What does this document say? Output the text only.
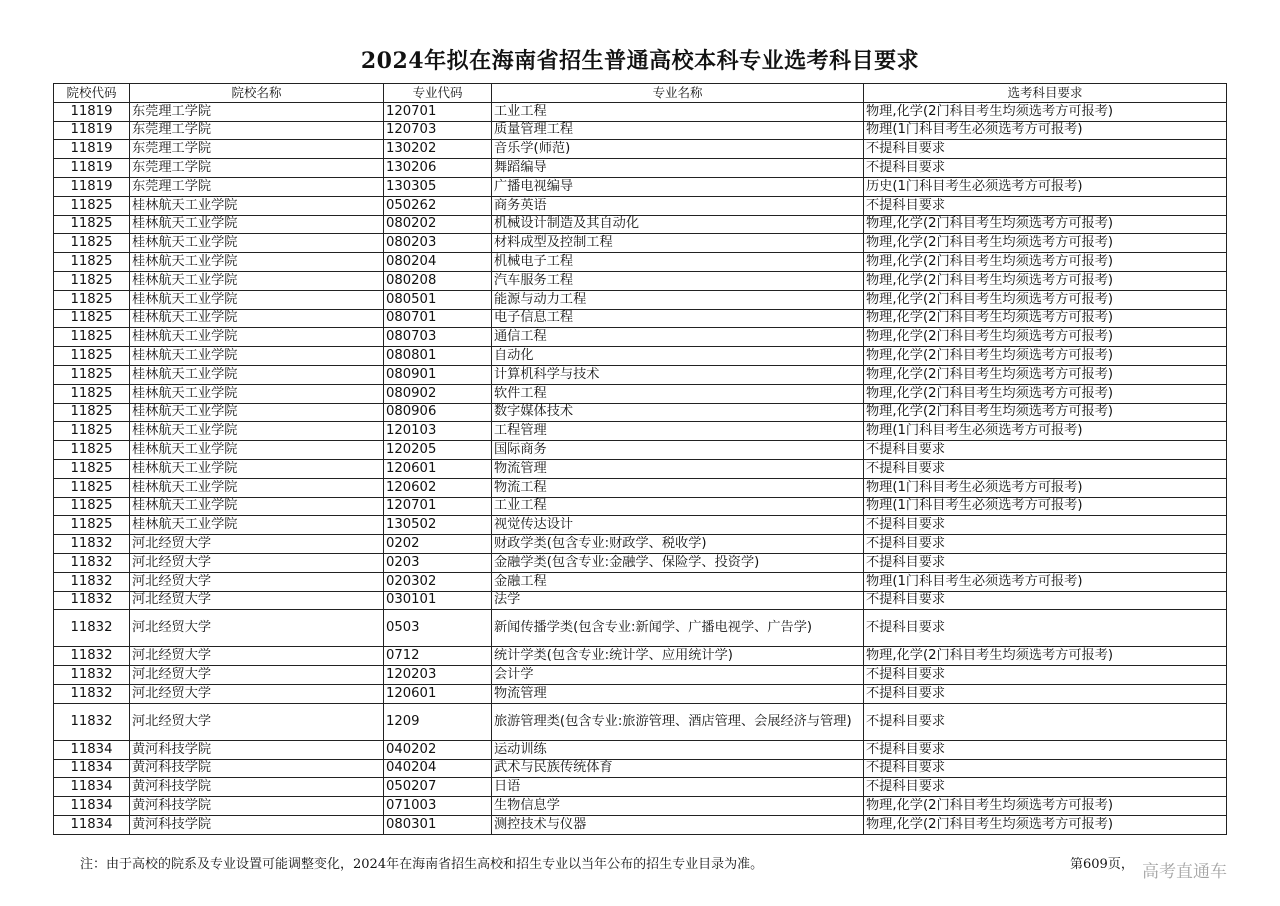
2024年拟在海南省招生普通高校本科专业选考科目要求
院校代码	院校名称	专业代码	专业名称	选考科目要求
11819	东莞理工学院	120701	工业工程	物理,化学(2门科目考生均须选考方可报考)
11819	东莞理工学院	120703	质量管理工程	物理(1门科目考生必须选考方可报考)
11819	东莞理工学院	130202	音乐学(师范)	不提科目要求
11819	东莞理工学院	130206	舞蹈编导	不提科目要求
11819	东莞理工学院	130305	广播电视编导	历史(1门科目考生必须选考方可报考)
11825	桂林航天工业学院	050262	商务英语	不提科目要求
11825	桂林航天工业学院	080202	机械设计制造及其自动化	物理,化学(2门科目考生均须选考方可报考)
11825	桂林航天工业学院	080203	材料成型及控制工程	物理,化学(2门科目考生均须选考方可报考)
11825	桂林航天工业学院	080204	机械电子工程	物理,化学(2门科目考生均须选考方可报考)
11825	桂林航天工业学院	080208	汽车服务工程	物理,化学(2门科目考生均须选考方可报考)
11825	桂林航天工业学院	080501	能源与动力工程	物理,化学(2门科目考生均须选考方可报考)
11825	桂林航天工业学院	080701	电子信息工程	物理,化学(2门科目考生均须选考方可报考)
11825	桂林航天工业学院	080703	通信工程	物理,化学(2门科目考生均须选考方可报考)
11825	桂林航天工业学院	080801	自动化	物理,化学(2门科目考生均须选考方可报考)
11825	桂林航天工业学院	080901	计算机科学与技术	物理,化学(2门科目考生均须选考方可报考)
11825	桂林航天工业学院	080902	软件工程	物理,化学(2门科目考生均须选考方可报考)
11825	桂林航天工业学院	080906	数字媒体技术	物理,化学(2门科目考生均须选考方可报考)
11825	桂林航天工业学院	120103	工程管理	物理(1门科目考生必须选考方可报考)
11825	桂林航天工业学院	120205	国际商务	不提科目要求
11825	桂林航天工业学院	120601	物流管理	不提科目要求
11825	桂林航天工业学院	120602	物流工程	物理(1门科目考生必须选考方可报考)
11825	桂林航天工业学院	120701	工业工程	物理(1门科目考生必须选考方可报考)
11825	桂林航天工业学院	130502	视觉传达设计	不提科目要求
11832	河北经贸大学	0202	财政学类(包含专业:财政学、税收学)	不提科目要求
11832	河北经贸大学	0203	金融学类(包含专业:金融学、保险学、投资学)	不提科目要求
11832	河北经贸大学	020302	金融工程	物理(1门科目考生必须选考方可报考)
11832	河北经贸大学	030101	法学	不提科目要求
11832	河北经贸大学	0503	新闻传播学类(包含专业:新闻学、广播电视学、广告学)	不提科目要求
11832	河北经贸大学	0712	统计学类(包含专业:统计学、应用统计学)	物理,化学(2门科目考生均须选考方可报考)
11832	河北经贸大学	120203	会计学	不提科目要求
11832	河北经贸大学	120601	物流管理	不提科目要求
11832	河北经贸大学	1209	旅游管理类(包含专业:旅游管理、酒店管理、会展经济与管理)	不提科目要求
11834	黄河科技学院	040202	运动训练	不提科目要求
11834	黄河科技学院	040204	武术与民族传统体育	不提科目要求
11834	黄河科技学院	050207	日语	不提科目要求
11834	黄河科技学院	071003	生物信息学	物理,化学(2门科目考生均须选考方可报考)
11834	黄河科技学院	080301	测控技术与仪器	物理,化学(2门科目考生均须选考方可报考)
注：由于高校的院系及专业设置可能调整变化，2024年在海南省招生高校和招生专业以当年公布的招生专业目录为准。	第609页， 高考直通车
